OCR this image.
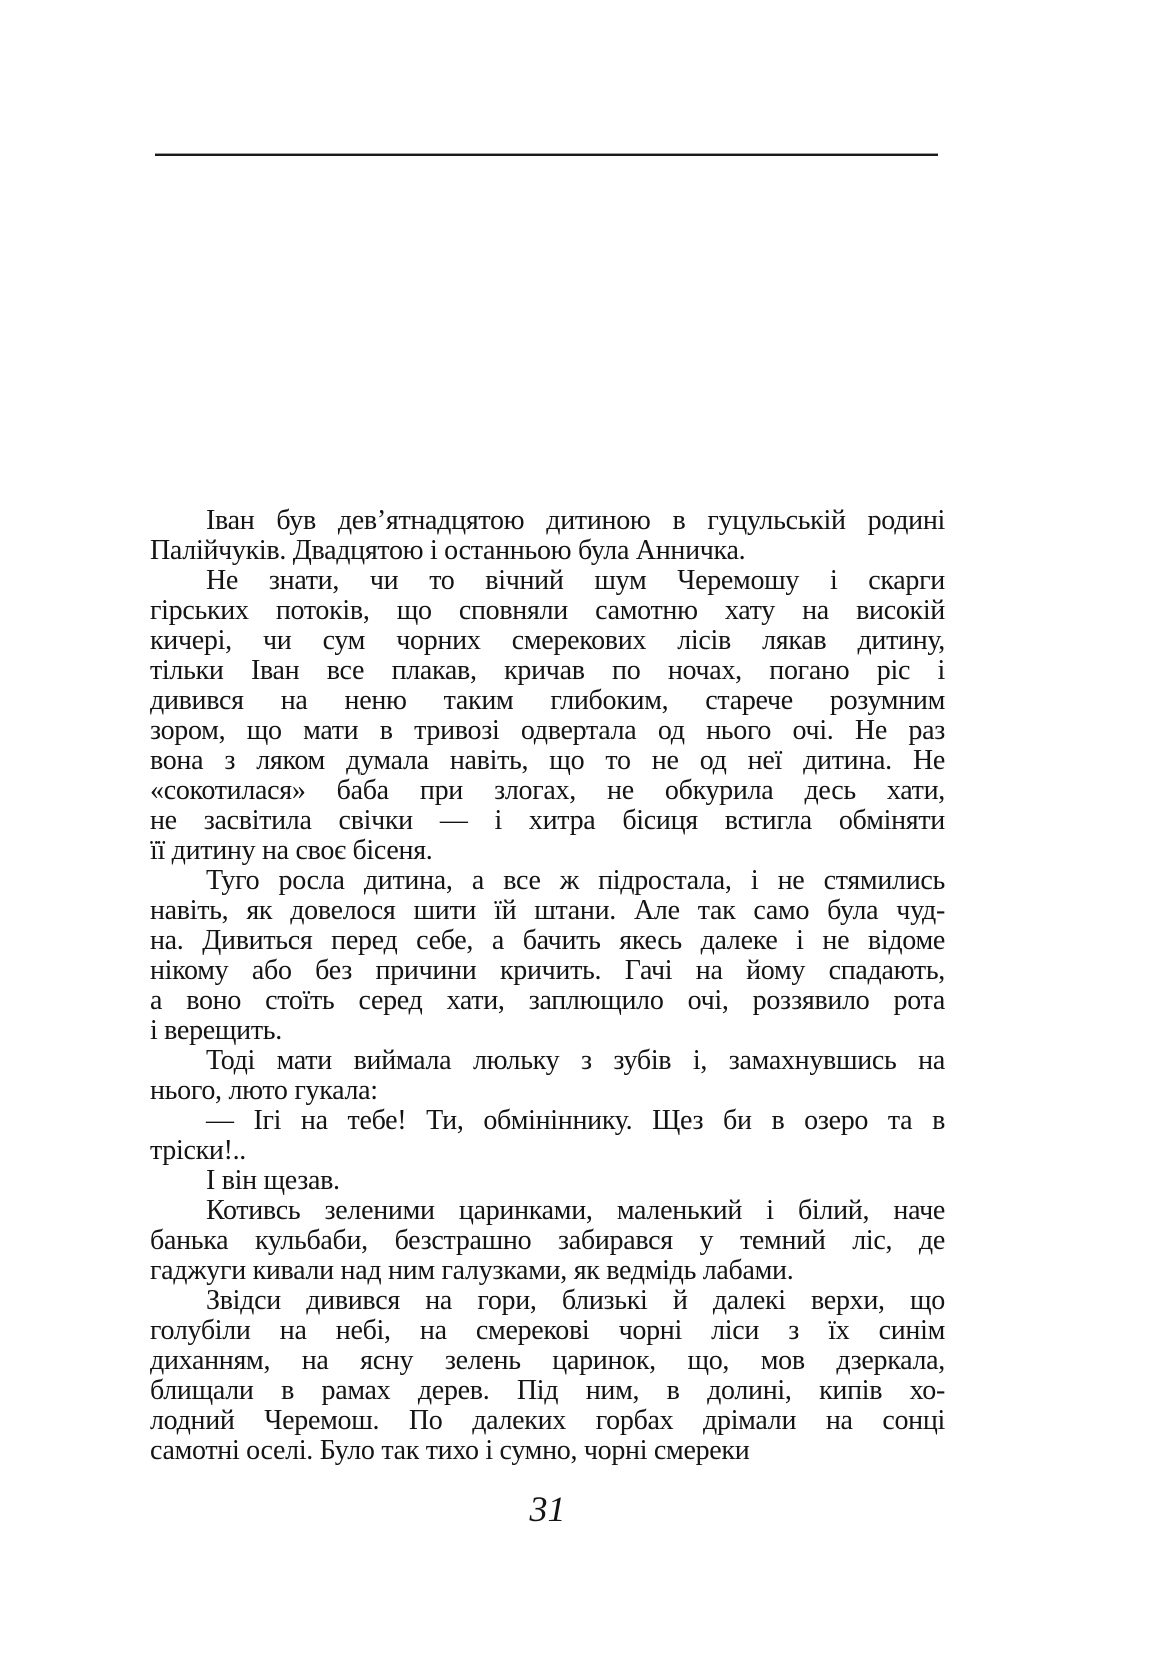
Іван був дев’ятнадцятою дитиною в гуцульській родині
Палійчуків. Двадцятою і останньою була Анничка.
Не знати, чи то вічний шум Черемошу і скарги
гірських потоків, що сповняли самотню хату на високій
кичері, чи сум чорних смерекових лісів лякав дитину,
тільки Іван все плакав, кричав по ночах, погано ріс і
дивився на неню таким глибоким, старече розумним
зором, що мати в тривозі одвертала од нього очі. Не раз
вона з ляком думала навіть, що то не од неї дитина. Не
«сокотилася» баба при злогах, не обкурила десь хати,
не засвітила свічки — і хитра бісиця встигла обміняти
її дитину на своє бісеня.
Туго росла дитина, а все ж підростала, і не стямились
навіть, як довелося шити їй штани. Але так само була чуд-
на. Дивиться перед себе, а бачить якесь далеке і не відоме
нікому або без причини кричить. Гачі на йому спадають,
а воно стоїть серед хати, заплющило очі, роззявило рота
і верещить.
Тоді мати виймала люльку з зубів і, замахнувшись на
нього, люто гукала:
— Ігі на тебе! Ти, обмініннику. Щез би в озеро та в
тріски!..
І він щезав.
Котивсь зеленими царинками, маленький і білий, наче
банька кульбаби, безстрашно забирався у темний ліс, де
гаджуги кивали над ним галузками, як ведмідь лабами.
Звідси дивився на гори, близькі й далекі верхи, що
голубіли на небі, на смерекові чорні ліси з їх синім
диханням, на ясну зелень царинок, що, мов дзеркала,
блищали в рамах дерев. Під ним, в долині, кипів хо-
лодний Черемош. По далеких горбах дрімали на сонці
самотні оселі. Було так тихо і сумно, чорні смереки
31
